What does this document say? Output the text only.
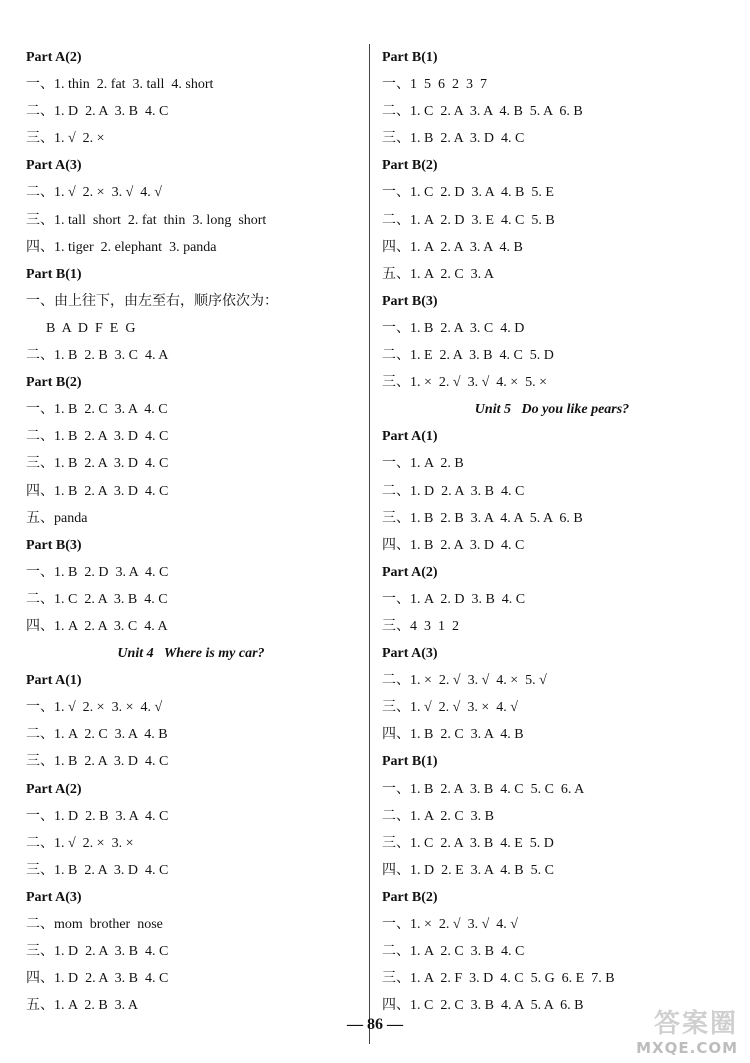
Part A(2)
一、1. thin  2. fat  3. tall  4. short
二、1. D  2. A  3. B  4. C
三、1. √  2. ×
Part A(3)
二、1. √  2. ×  3. √  4. √
三、1. tall  short  2. fat  thin  3. long  short
四、1. tiger  2. elephant  3. panda
Part B(1)
一、由上往下，由左至右，顺序依次为：
B  A  D  F  E  G
二、1. B  2. B  3. C  4. A
Part B(2)
一、1. B  2. C  3. A  4. C
二、1. B  2. A  3. D  4. C
三、1. B  2. A  3. D  4. C
四、1. B  2. A  3. D  4. C
五、panda
Part B(3)
一、1. B  2. D  3. A  4. C
二、1. C  2. A  3. B  4. C
四、1. A  2. A  3. C  4. A
Unit 4   Where is my car?
Part A(1)
一、1. √  2. ×  3. ×  4. √
二、1. A  2. C  3. A  4. B
三、1. B  2. A  3. D  4. C
Part A(2)
一、1. D  2. B  3. A  4. C
二、1. √  2. ×  3. ×
三、1. B  2. A  3. D  4. C
Part A(3)
二、mom  brother  nose
三、1. D  2. A  3. B  4. C
四、1. D  2. A  3. B  4. C
五、1. A  2. B  3. A
Part B(1)
一、1  5  6  2  3  7
二、1. C  2. A  3. A  4. B  5. A  6. B
三、1. B  2. A  3. D  4. C
Part B(2)
一、1. C  2. D  3. A  4. B  5. E
二、1. A  2. D  3. E  4. C  5. B
四、1. A  2. A  3. A  4. B
五、1. A  2. C  3. A
Part B(3)
一、1. B  2. A  3. C  4. D
二、1. E  2. A  3. B  4. C  5. D
三、1. ×  2. √  3. √  4. ×  5. ×
Unit 5   Do you like pears?
Part A(1)
一、1. A  2. B
二、1. D  2. A  3. B  4. C
三、1. B  2. B  3. A  4. A  5. A  6. B
四、1. B  2. A  3. D  4. C
Part A(2)
一、1. A  2. D  3. B  4. C
三、4  3  1  2
Part A(3)
二、1. ×  2. √  3. √  4. ×  5. √
三、1. √  2. √  3. ×  4. √
四、1. B  2. C  3. A  4. B
Part B(1)
一、1. B  2. A  3. B  4. C  5. C  6. A
二、1. A  2. C  3. B
三、1. C  2. A  3. B  4. E  5. D
四、1. D  2. E  3. A  4. B  5. C
Part B(2)
一、1. ×  2. √  3. √  4. √
二、1. A  2. C  3. B  4. C
三、1. A  2. F  3. D  4. C  5. G  6. E  7. B
四、1. C  2. C  3. B  4. A  5. A  6. B
— 86 —	答案圈
MXQE.COM
